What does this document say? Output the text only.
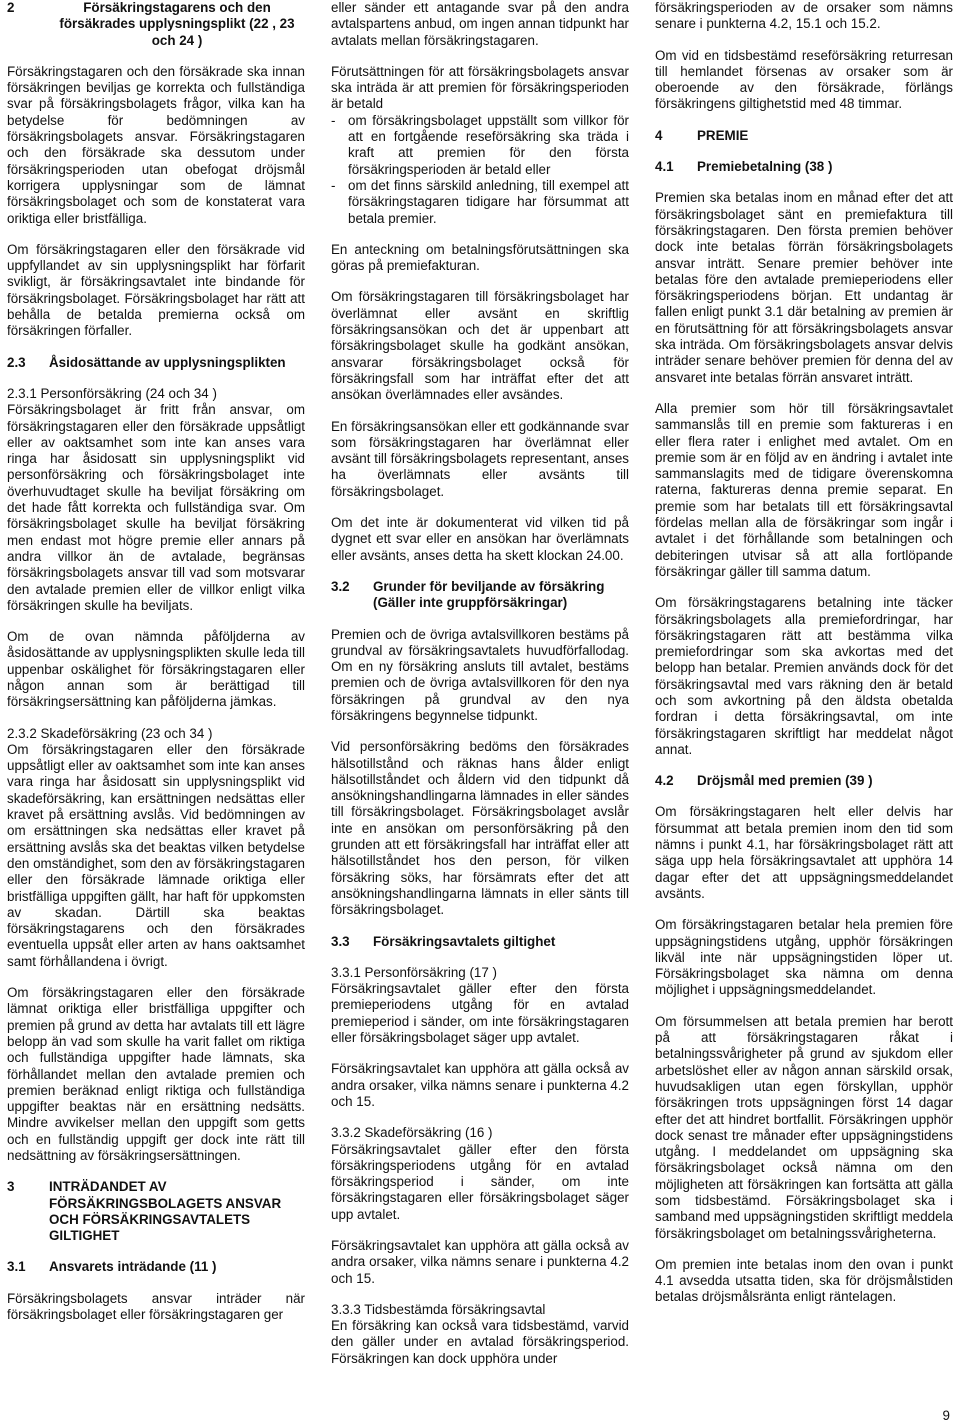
2	Försäkringstagarens och den försäkrades upplysningsplikt (22 , 23 och 24 )
Försäkringstagaren och den försäkrade ska innan försäkringen beviljas ge korrekta och fullständiga svar på försäkringsbolagets frågor, vilka kan ha betydelse för bedömningen av försäkringsbolagets ansvar. Försäkringstagaren och den försäkrade ska dessutom under försäkringsperioden utan obefogat dröjsmål korrigera upplysningar som de lämnat försäkringsbolaget och som de konstaterat vara oriktiga eller bristfälliga.
Om försäkringstagaren eller den försäkrade vid uppfyllandet av sin upplysningsplikt har förfarit svikligt, är försäkringsavtalet inte bindande för försäkringsbolaget. Försäkringsbolaget har rätt att behålla de betalda premierna också om försäkringen förfaller.
2.3	Åsidosättande av upplysningsplikten
2.3.1 Personförsäkring (24 och 34 )
Försäkringsbolaget är fritt från ansvar, om försäkringstagaren eller den försäkrade uppsåtligt eller av oaktsamhet som inte kan anses vara ringa har åsidosatt sin upplysningsplikt vid personförsäkring och försäkringsbolaget inte överhuvudtaget skulle ha beviljat försäkring om det hade fått korrekta och fullständiga svar. Om försäkringsbolaget skulle ha beviljat försäkring men endast mot högre premie eller annars på andra villkor än de avtalade, begränsas försäkringsbolagets ansvar till vad som motsvarar den avtalade premien eller de villkor enligt vilka försäkringen skulle ha beviljats.
Om de ovan nämnda påföljderna av åsidosättande av upplysningsplikten skulle leda till uppenbar oskälighet för försäkringstagaren eller någon annan som är berättigad till försäkringsersättning kan påföljderna jämkas.
2.3.2 Skadeförsäkring (23 och 34 )
Om försäkringstagaren eller den försäkrade uppsåtligt eller av oaktsamhet som inte kan anses vara ringa har åsidosatt sin upplysningsplikt vid skadeförsäkring, kan ersättningen nedsättas eller kravet på ersättning avslås. Vid bedömningen av om ersättningen ska nedsättas eller kravet på ersättning avslås ska det beaktas vilken betydelse den omständighet, som den av försäkringstagaren eller den försäkrade lämnade oriktiga eller bristfälliga uppgiften gällt, har haft för uppkomsten av skadan. Därtill ska beaktas försäkringstagarens och den försäkrades eventuella uppsåt eller arten av hans oaktsamhet samt förhållandena i övrigt.
Om försäkringstagaren eller den försäkrade lämnat oriktiga eller bristfälliga uppgifter och premien på grund av detta har avtalats till ett lägre belopp än vad som skulle ha varit fallet om riktiga och fullständiga uppgifter hade lämnats, ska förhållandet mellan den avtalade premien och premien beräknad enligt riktiga och fullständiga uppgifter beaktas när en ersättning nedsätts. Mindre avvikelser mellan den uppgift som getts och en fullständig uppgift ger dock inte rätt till nedsättning av försäkringsersättningen.
3	INTRÄDANDET AV FÖRSÄKRINGSBOLAGETS ANSVAR OCH FÖRSÄKRINGSAVTALETS GILTIGHET
3.1	Ansvarets inträdande (11 )
Försäkringsbolagets ansvar inträder när försäkringsbolaget eller försäkringstagaren ger
eller sänder ett antagande svar på den andra avtalspartens anbud, om ingen annan tidpunkt har avtalats mellan försäkringstagaren.
Förutsättningen för att försäkringsbolagets ansvar ska inträda är att premien för försäkringsperioden är betald
- om försäkringsbolaget uppställt som villkor för att en fortgående reseförsäkring ska träda i kraft att premien för den första försäkringsperioden är betald eller
- om det finns särskild anledning, till exempel att försäkringstagaren tidigare har försummat att betala premier.
En anteckning om betalningsförutsättningen ska göras på premiefakturan.
Om försäkringstagaren till försäkringsbolaget har överlämnat eller avsänt en skriftlig försäkringsansökan och det är uppenbart att försäkringsbolaget skulle ha godkänt ansökan, ansvarar försäkringsbolaget också för försäkringsfall som har inträffat efter det att ansökan överlämnades eller avsändes.
En försäkringsansökan eller ett godkännande svar som försäkringstagaren har överlämnat eller avsänt till försäkringsbolagets representant, anses ha överlämnats eller avsänts till försäkringsbolaget.
Om det inte är dokumenterat vid vilken tid på dygnet ett svar eller en ansökan har överlämnats eller avsänts, anses detta ha skett klockan 24.00.
3.2	Grunder för beviljande av försäkring (Gäller inte gruppförsäkringar)
Premien och de övriga avtalsvillkoren bestäms på grundval av försäkringsavtalets huvudförfallodag. Om en ny försäkring ansluts till avtalet, bestäms premien och de övriga avtalsvillkoren för den nya försäkringen på grundval av den nya försäkringens begynnelse tidpunkt.
Vid personförsäkring bedöms den försäkrades hälsotillstånd och räknas hans ålder enligt hälsotillståndet och åldern vid den tidpunkt då ansökningshandlingarna lämnades in eller sändes till försäkringsbolaget. Försäkringsbolaget avslår inte en ansökan om personförsäkring på den grunden att ett försäkringsfall har inträffat eller att hälsotillståndet hos den person, för vilken försäkring söks, har försämrats efter det att ansökningshandlingarna lämnats in eller sänts till försäkringsbolaget.
3.3	Försäkringsavtalets giltighet
3.3.1 Personförsäkring (17 )
Försäkringsavtalet gäller efter den första premieperiodens utgång för en avtalad premieperiod i sänder, om inte försäkringstagaren eller försäkringsbolaget säger upp avtalet.
Försäkringsavtalet kan upphöra att gälla också av andra orsaker, vilka nämns senare i punkterna 4.2 och 15.
3.3.2 Skadeförsäkring (16 )
Försäkringsavtalet gäller efter den första försäkringsperiodens utgång för en avtalad försäkringsperiod i sänder, om inte försäkringstagaren eller försäkringsbolaget säger upp avtalet.
Försäkringsavtalet kan upphöra att gälla också av andra orsaker, vilka nämns senare i punkterna 4.2 och 15.
3.3.3 Tidsbestämda försäkringsavtal
En försäkring kan också vara tidsbestämd, varvid den gäller under en avtalad försäkringsperiod. Försäkringen kan dock upphöra under
försäkringsperioden av de orsaker som nämns senare i punkterna 4.2, 15.1 och 15.2.
Om vid en tidsbestämd reseförsäkring returresan till hemlandet försenas av orsaker som är oberoende av den försäkrade, förlängs försäkringens giltighetstid med 48 timmar.
4	PREMIE
4.1	Premiebetalning (38 )
Premien ska betalas inom en månad efter det att försäkringsbolaget sänt en premiefaktura till försäkringstagaren. Den första premien behöver dock inte betalas förrän försäkringsbolagets ansvar inträtt. Senare premier behöver inte betalas före den avtalade premieperiodens eller försäkringsperiodens början. Ett undantag är fallen enligt punkt 3.1 där betalning av premien är en förutsättning för att försäkringsbolagets ansvar ska inträda. Om försäkringsbolagets ansvar delvis inträder senare behöver premien för denna del av ansvaret inte betalas förrän ansvaret inträtt.
Alla premier som hör till försäkringsavtalet sammanslås till en premie som faktureras i en eller flera rater i enlighet med avtalet. Om en premie som är en följd av en ändring i avtalet inte sammanslagits med de tidigare överenskomna raterna, faktureras denna premie separat. En premie som har betalats till ett försäkringsavtal fördelas mellan alla de försäkringar som ingår i avtalet i det förhållande som betalningen och debiteringen utvisar så att alla fortlöpande försäkringar gäller till samma datum.
Om försäkringstagarens betalning inte täcker försäkringsbolagets alla premiefordringar, har försäkringstagaren rätt att bestämma vilka premiefordringar som ska avkortas med det belopp han betalar. Premien används dock för det försäkringsavtal med vars räkning den är betald och som avkortning på den äldsta obetalda fordran i detta försäkringsavtal, om inte försäkringstagaren skriftligt har meddelat något annat.
4.2	Dröjsmål med premien (39 )
Om försäkringstagaren helt eller delvis har försummat att betala premien inom den tid som nämns i punkt 4.1, har försäkringsbolaget rätt att säga upp hela försäkringsavtalet att upphöra 14 dagar efter det att uppsägningsmeddelandet avsänts.
Om försäkringstagaren betalar hela premien före uppsägningstidens utgång, upphör försäkringen likväl inte när uppsägningstiden löper ut. Försäkringsbolaget ska nämna om denna möjlighet i uppsägningsmeddelandet.
Om försummelsen att betala premien har berott på att försäkringstagaren råkat i betalningssvårigheter på grund av sjukdom eller arbetslöshet eller av någon annan särskild orsak, huvudsakligen utan egen förskyllan, upphör försäkringen trots uppsägningen först 14 dagar efter det att hindret bortfallit. Försäkringen upphör dock senast tre månader efter uppsägningstidens utgång. I meddelandet om uppsägning ska försäkringsbolaget också nämna om den möjligheten att försäkringen kan fortsätta att gälla som tidsbestämd. Försäkringsbolaget ska i samband med uppsägningstiden skriftligt meddela försäkringsbolaget om betalningssvårigheterna.
Om premien inte betalas inom den ovan i punkt 4.1 avsedda utsatta tiden, ska för dröjsmålstiden betalas dröjsmålsränta enligt räntelagen.
9
